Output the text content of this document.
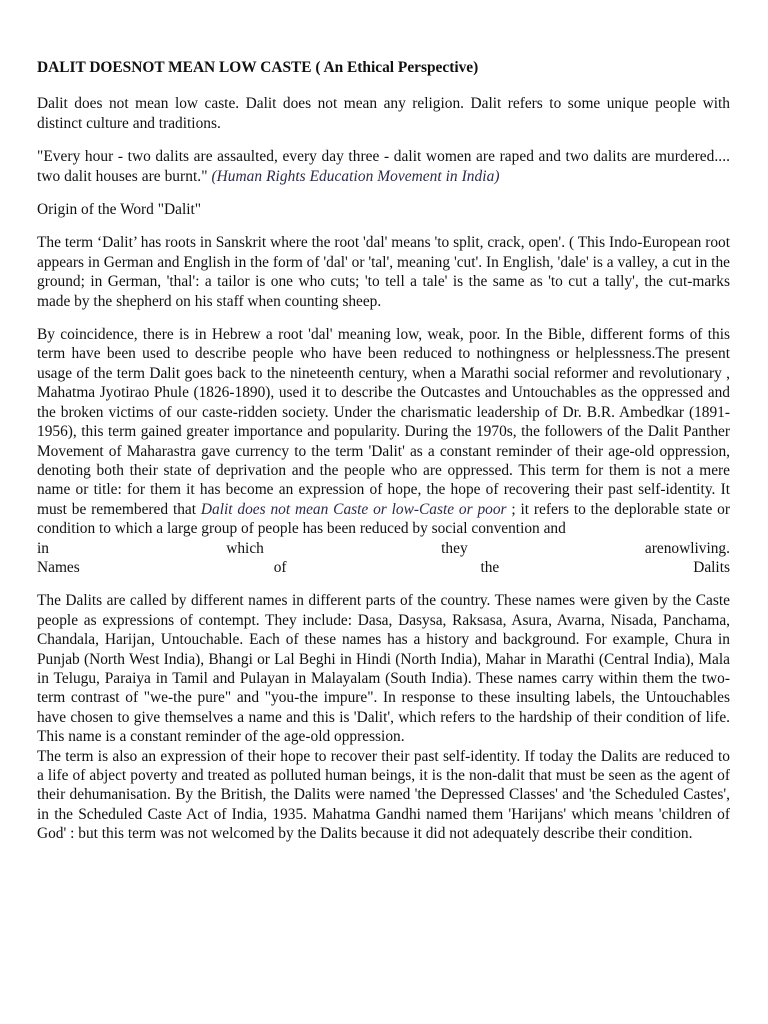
DALIT DOESNOT MEAN LOW CASTE ( An Ethical Perspective)

Dalit does not mean low caste. Dalit does not mean any religion. Dalit refers to some unique people with distinct culture and traditions.

"Every hour - two dalits are assaulted, every day three - dalit women are raped and two dalits are murdered.... two dalit houses are burnt." (Human Rights Education Movement in India)

Origin of the Word "Dalit"

The term ‘Dalit’ has roots in Sanskrit where the root 'dal' means 'to split, crack, open'. ( This Indo-European root appears in German and English in the form of 'dal' or 'tal', meaning 'cut'. In English, 'dale' is a valley, a cut in the ground; in German, 'thal': a tailor is one who cuts; 'to tell a tale' is the same as 'to cut a tally', the cut-marks made by the shepherd on his staff when counting sheep.

By coincidence, there is in Hebrew a root 'dal' meaning low, weak, poor. In the Bible, different forms of this term have been used to describe people who have been reduced to nothingness or helplessness.The present usage of the term Dalit goes back to the nineteenth century, when a Marathi social reformer and revolutionary , Mahatma Jyotirao Phule (1826-1890), used it to describe the Outcastes and Untouchables as the oppressed and the broken victims of our caste-ridden society. Under the charismatic leadership of Dr. B.R. Ambedkar (1891-1956), this term gained greater importance and popularity. During the 1970s, the followers of the Dalit Panther Movement of Maharastra gave currency to the term 'Dalit' as a constant reminder of their age-old oppression, denoting both their state of deprivation and the people who are oppressed. This term for them is not a mere name or title: for them it has become an expression of hope, the hope of recovering their past self-identity. It must be remembered that Dalit does not mean Caste or low-Caste or poor ; it refers to the deplorable state or condition to which a large group of people has been reduced by social convention and
in	which	they	arenowliving.
Names	of	the	Dalits

The Dalits are called by different names in different parts of the country. These names were given by the Caste people as expressions of contempt. They include: Dasa, Dasysa, Raksasa, Asura, Avarna, Nisada, Panchama, Chandala, Harijan, Untouchable. Each of these names has a history and background. For example, Chura in Punjab (North West India), Bhangi or Lal Beghi in Hindi (North India), Mahar in Marathi (Central India), Mala in Telugu, Paraiya in Tamil and Pulayan in Malayalam (South India). These names carry within them the two-term contrast of "we-the pure" and "you-the impure". In response to these insulting labels, the Untouchables have chosen to give themselves a name and this is 'Dalit', which refers to the hardship of their condition of life. This name is a constant reminder of the age-old oppression.

The term is also an expression of their hope to recover their past self-identity. If today the Dalits are reduced to a life of abject poverty and treated as polluted human beings, it is the non-dalit that must be seen as the agent of their dehumanisation. By the British, the Dalits were named 'the Depressed Classes' and 'the Scheduled Castes', in the Scheduled Caste Act of India, 1935. Mahatma Gandhi named them 'Harijans' which means 'children of God' : but this term was not welcomed by the Dalits because it did not adequately describe their condition.
